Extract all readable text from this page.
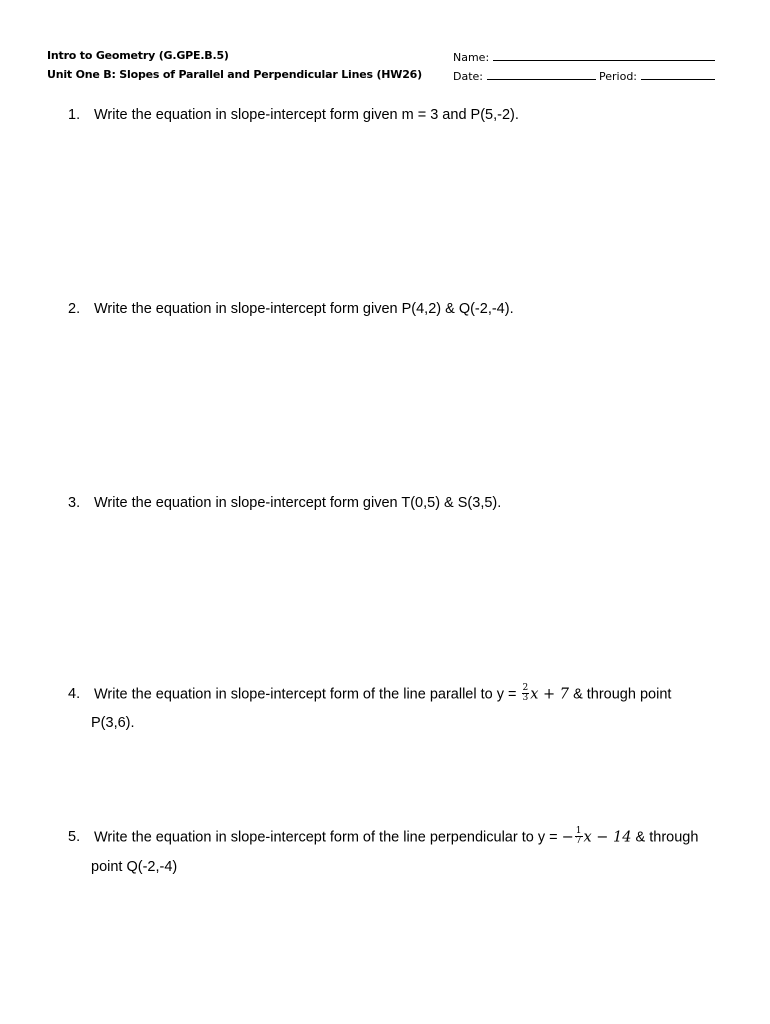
Intro to Geometry (G.GPE.B.5)
Unit One B: Slopes of Parallel and Perpendicular Lines (HW26)
Name:
Date:	Period:
1. Write the equation in slope-intercept form given m = 3 and P(5,-2).
2. Write the equation in slope-intercept form given P(4,2) & Q(-2,-4).
3. Write the equation in slope-intercept form given T(0,5) & S(3,5).
4. Write the equation in slope-intercept form of the line parallel to $y = \frac{2}{3}$ x + 7 & through point
P(3,6).
5. Write the equation in slope-intercept form of the line perpendicular to y = − $\frac{1}{7}$ x − 14 & through
point Q(-2,-4)
